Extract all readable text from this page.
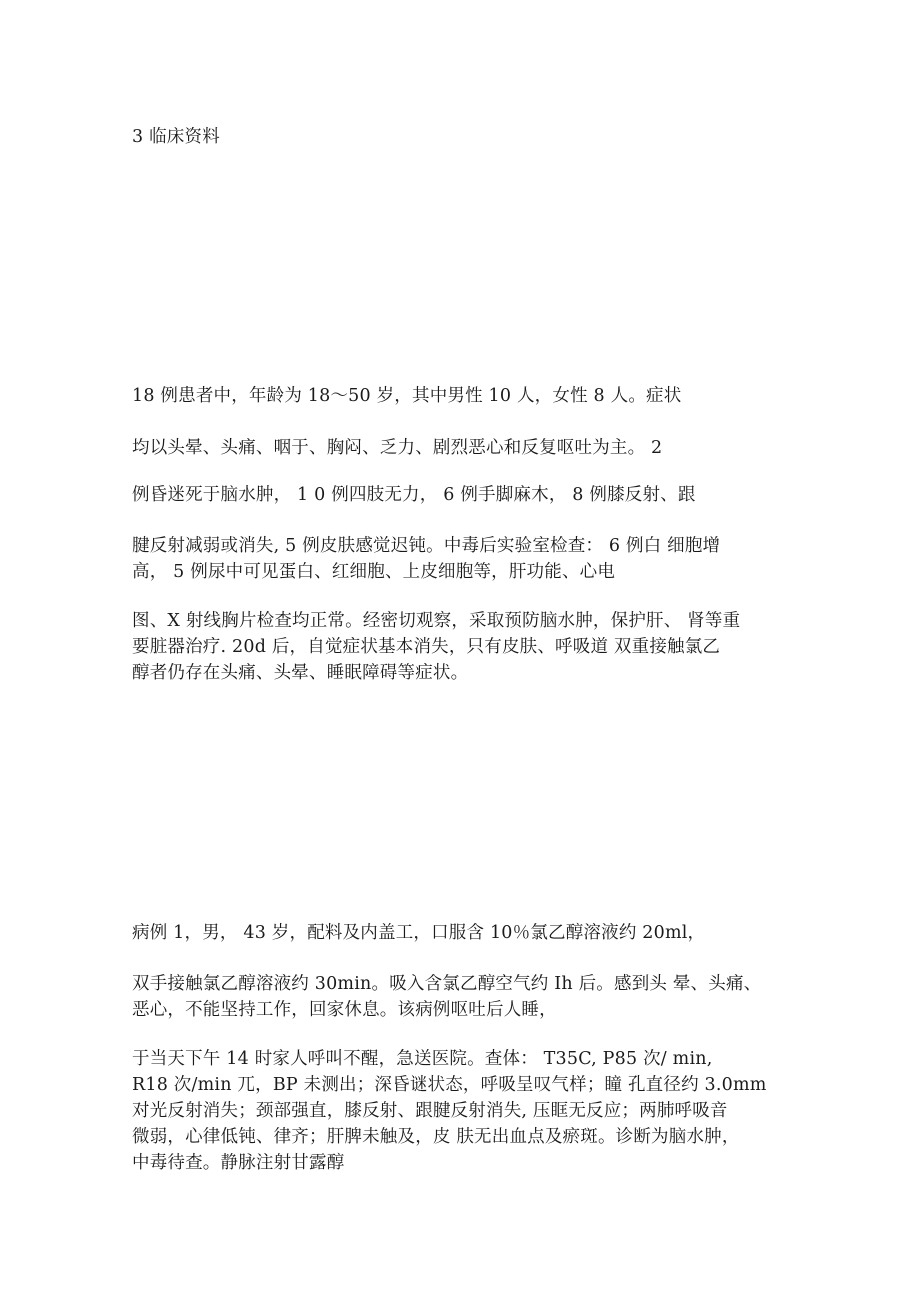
3 临床资料
18 例患者中，年龄为 18～50 岁，其中男性 10 人，女性 8 人。症状
均以头晕、头痛、咽于、胸闷、乏力、剧烈恶心和反复呕吐为主。 2
例昏迷死于脑水肿， 1 0 例四肢无力， 6 例手脚麻木， 8 例膝反射、跟
腱反射减弱或消失, 5 例皮肤感觉迟钝。中毒后实验室检查： 6 例白 细胞增
高， 5 例尿中可见蛋白、红细胞、上皮细胞等，肝功能、心电
图、X 射线胸片检查均正常。经密切观察，采取预防脑水肿，保护肝、 肾等重
要脏器治疗. 20d 后，自觉症状基本消失，只有皮肤、呼吸道 双重接触氯乙
醇者仍存在头痛、头晕、睡眠障碍等症状。
病例 1，男， 43 岁，配料及内盖工，口服含 10％氯乙醇溶液约 20ml，
双手接触氯乙醇溶液约 30min。吸入含氯乙醇空气约 Ih 后。感到头 晕、头痛、
恶心，不能坚持工作，回家休息。该病例呕吐后人睡，
于当天下午 14 时家人呼叫不醒，急送医院。查体： T35C, P85 次/ min,
R18 次/min 兀，BP 未测出；深昏谜状态，呼吸呈叹气样；瞳 孔直径约 3.0mm
对光反射消失；颈部强直，膝反射、跟腱反射消失, 压眶无反应；两肺呼吸音
微弱，心律低钝、律齐；肝脾未触及，皮 肤无出血点及瘀斑。诊断为脑水肿，
中毒待查。静脉注射甘露醇
